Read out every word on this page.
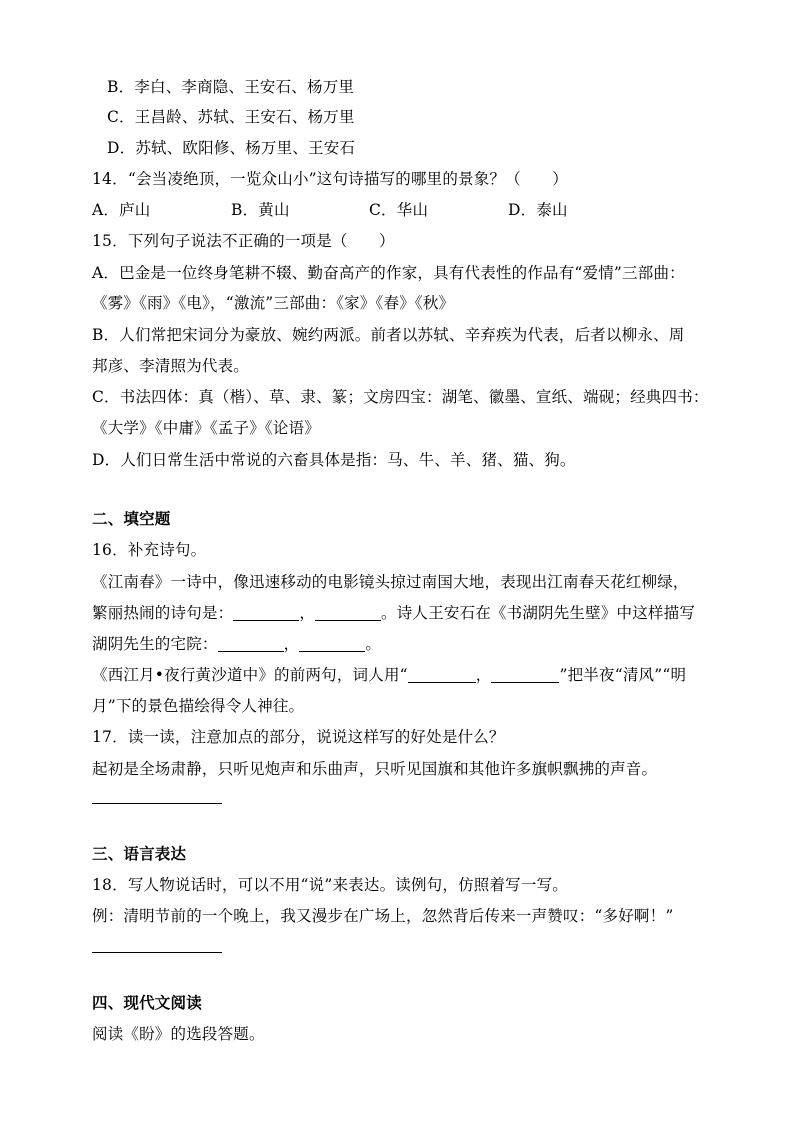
B．李白、李商隐、王安石、杨万里
C．王昌龄、苏轼、王安石、杨万里
D．苏轼、欧阳修、杨万里、王安石
14．“会当凌绝顶，一览众山小”这句诗描写的哪里的景象？（　　）
A．庐山	B．黄山	C．华山	D．泰山
15．下列句子说法不正确的一项是（　　）
A．巴金是一位终身笔耕不辍、勤奋高产的作家，具有代表性的作品有“爱情”三部曲：
《雾》《雨》《电》，“激流”三部曲：《家》《春》《秋》
B．人们常把宋词分为豪放、婉约两派。前者以苏轼、辛弃疾为代表，后者以柳永、周
邦彦、李清照为代表。
C．书法四体：真（楷）、草、隶、篆；文房四宝：湖笔、徽墨、宣纸、端砚；经典四书：
《大学》《中庸》《孟子》《论语》
D．人们日常生活中常说的六畜具体是指：马、牛、羊、猪、猫、狗。
二、填空题
16．补充诗句。
《江南春》一诗中，像迅速移动的电影镜头掠过南国大地，表现出江南春天花红柳绿，
繁丽热闹的诗句是：	，	。诗人王安石在《书湖阴先生壁》中这样描写
湖阴先生的宅院：	，	。
《西江月•夜行黄沙道中》的前两句，词人用“	，	”把半夜“清风”“明
月”下的景色描绘得令人神往。
17．读一读，注意加点的部分，说说这样写的好处是什么？
起初是全场肃静，只听见炮声和乐曲声，只听见国旗和其他许多旗帜飘拂的声音。
三、语言表达
18．写人物说话时，可以不用“说”来表达。读例句，仿照着写一写。
例：清明节前的一个晚上，我又漫步在广场上，忽然背后传来一声赞叹：“多好啊！”
四、现代文阅读
阅读《盼》的选段答题。
